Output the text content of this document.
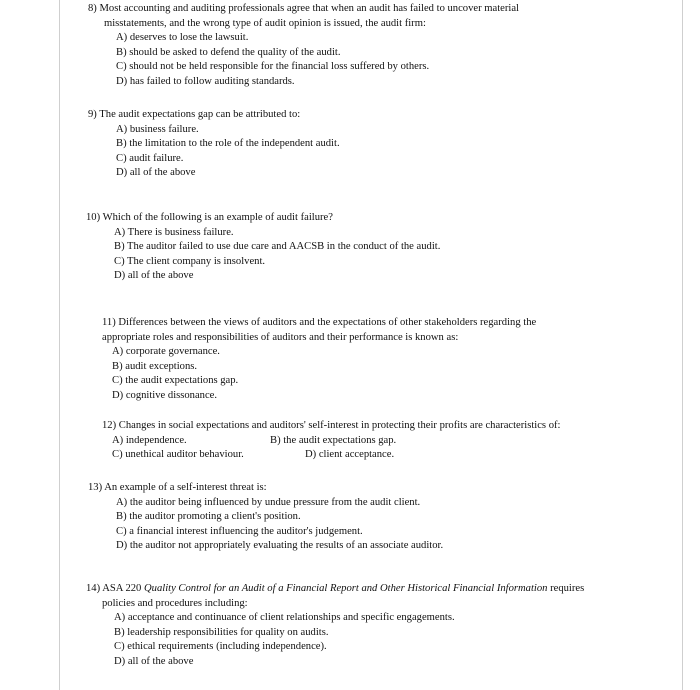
8) Most accounting and auditing professionals agree that when an audit has failed to uncover material
misstatements, and the wrong type of audit opinion is issued, the audit firm:

A) deserves to lose the lawsuit.

B) should be asked to defend the quality of the audit.

C) should not be held responsible for the financial loss suffered by others.

D) has failed to follow auditing standards.

9) The audit expectations gap can be attributed to:

A) business failure.

B) the limitation to the role of the independent audit.

C) audit failure.

D) all of the above

10) Which of the following is an example of audit failure?

A) There is business failure.

B) The auditor failed to use due care and AACSB in the conduct of the audit.

C) The client company is insolvent.

D) all of the above

11) Differences between the views of auditors and the expectations of other stakeholders regarding the
appropriate roles and responsibilities of auditors and their performance is known as:

A) corporate governance.

B) audit exceptions.

C) the audit expectations gap.

D) cognitive dissonance.

12) Changes in social expectations and auditors' self-interest in protecting their profits are characteristics of:

A) independence.	B) the audit expectations gap.

C) unethical auditor behaviour.	D) client acceptance.

13) An example of a self-interest threat is:

A) the auditor being influenced by undue pressure from the audit client.

B) the auditor promoting a client's position.

C) a financial interest influencing the auditor's judgement.

D) the auditor not appropriately evaluating the results of an associate auditor.

14) ASA 220 Quality Control for an Audit of a Financial Report and Other Historical Financial Information requires
policies and procedures including:

A) acceptance and continuance of client relationships and specific engagements.

B) leadership responsibilities for quality on audits.

C) ethical requirements (including independence).

D) all of the above
